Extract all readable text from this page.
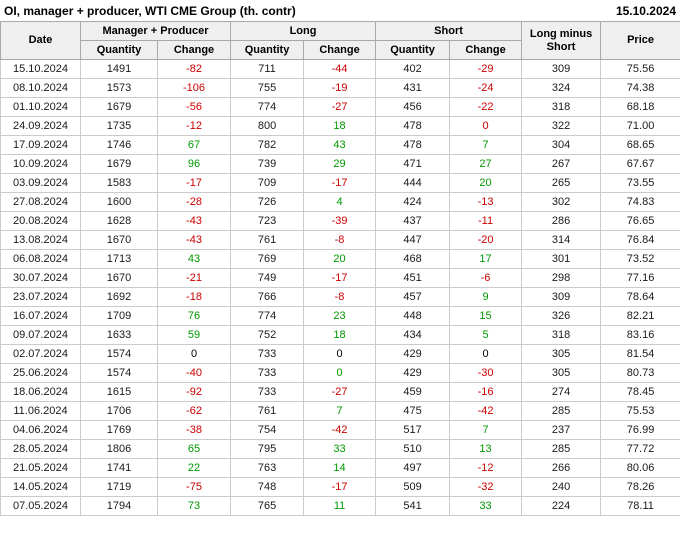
OI, manager + producer, WTI CME Group (th. contr)	15.10.2024
Date	Manager + Producer		Long		Short		Long minus Short	Price
	Quantity	Change	Quantity	Change	Quantity	Change		
15.10.2024	1491	-82	711	-44	402	-29	309	75.56
08.10.2024	1573	-106	755	-19	431	-24	324	74.38
01.10.2024	1679	-56	774	-27	456	-22	318	68.18
24.09.2024	1735	-12	800	18	478	0	322	71.00
17.09.2024	1746	67	782	43	478	7	304	68.65
10.09.2024	1679	96	739	29	471	27	267	67.67
03.09.2024	1583	-17	709	-17	444	20	265	73.55
27.08.2024	1600	-28	726	4	424	-13	302	74.83
20.08.2024	1628	-43	723	-39	437	-11	286	76.65
13.08.2024	1670	-43	761	-8	447	-20	314	76.84
06.08.2024	1713	43	769	20	468	17	301	73.52
30.07.2024	1670	-21	749	-17	451	-6	298	77.16
23.07.2024	1692	-18	766	-8	457	9	309	78.64
16.07.2024	1709	76	774	23	448	15	326	82.21
09.07.2024	1633	59	752	18	434	5	318	83.16
02.07.2024	1574	0	733	0	429	0	305	81.54
25.06.2024	1574	-40	733	0	429	-30	305	80.73
18.06.2024	1615	-92	733	-27	459	-16	274	78.45
11.06.2024	1706	-62	761	7	475	-42	285	75.53
04.06.2024	1769	-38	754	-42	517	7	237	76.99
28.05.2024	1806	65	795	33	510	13	285	77.72
21.05.2024	1741	22	763	14	497	-12	266	80.06
14.05.2024	1719	-75	748	-17	509	-32	240	78.26
07.05.2024	1794	73	765	11	541	33	224	78.11
